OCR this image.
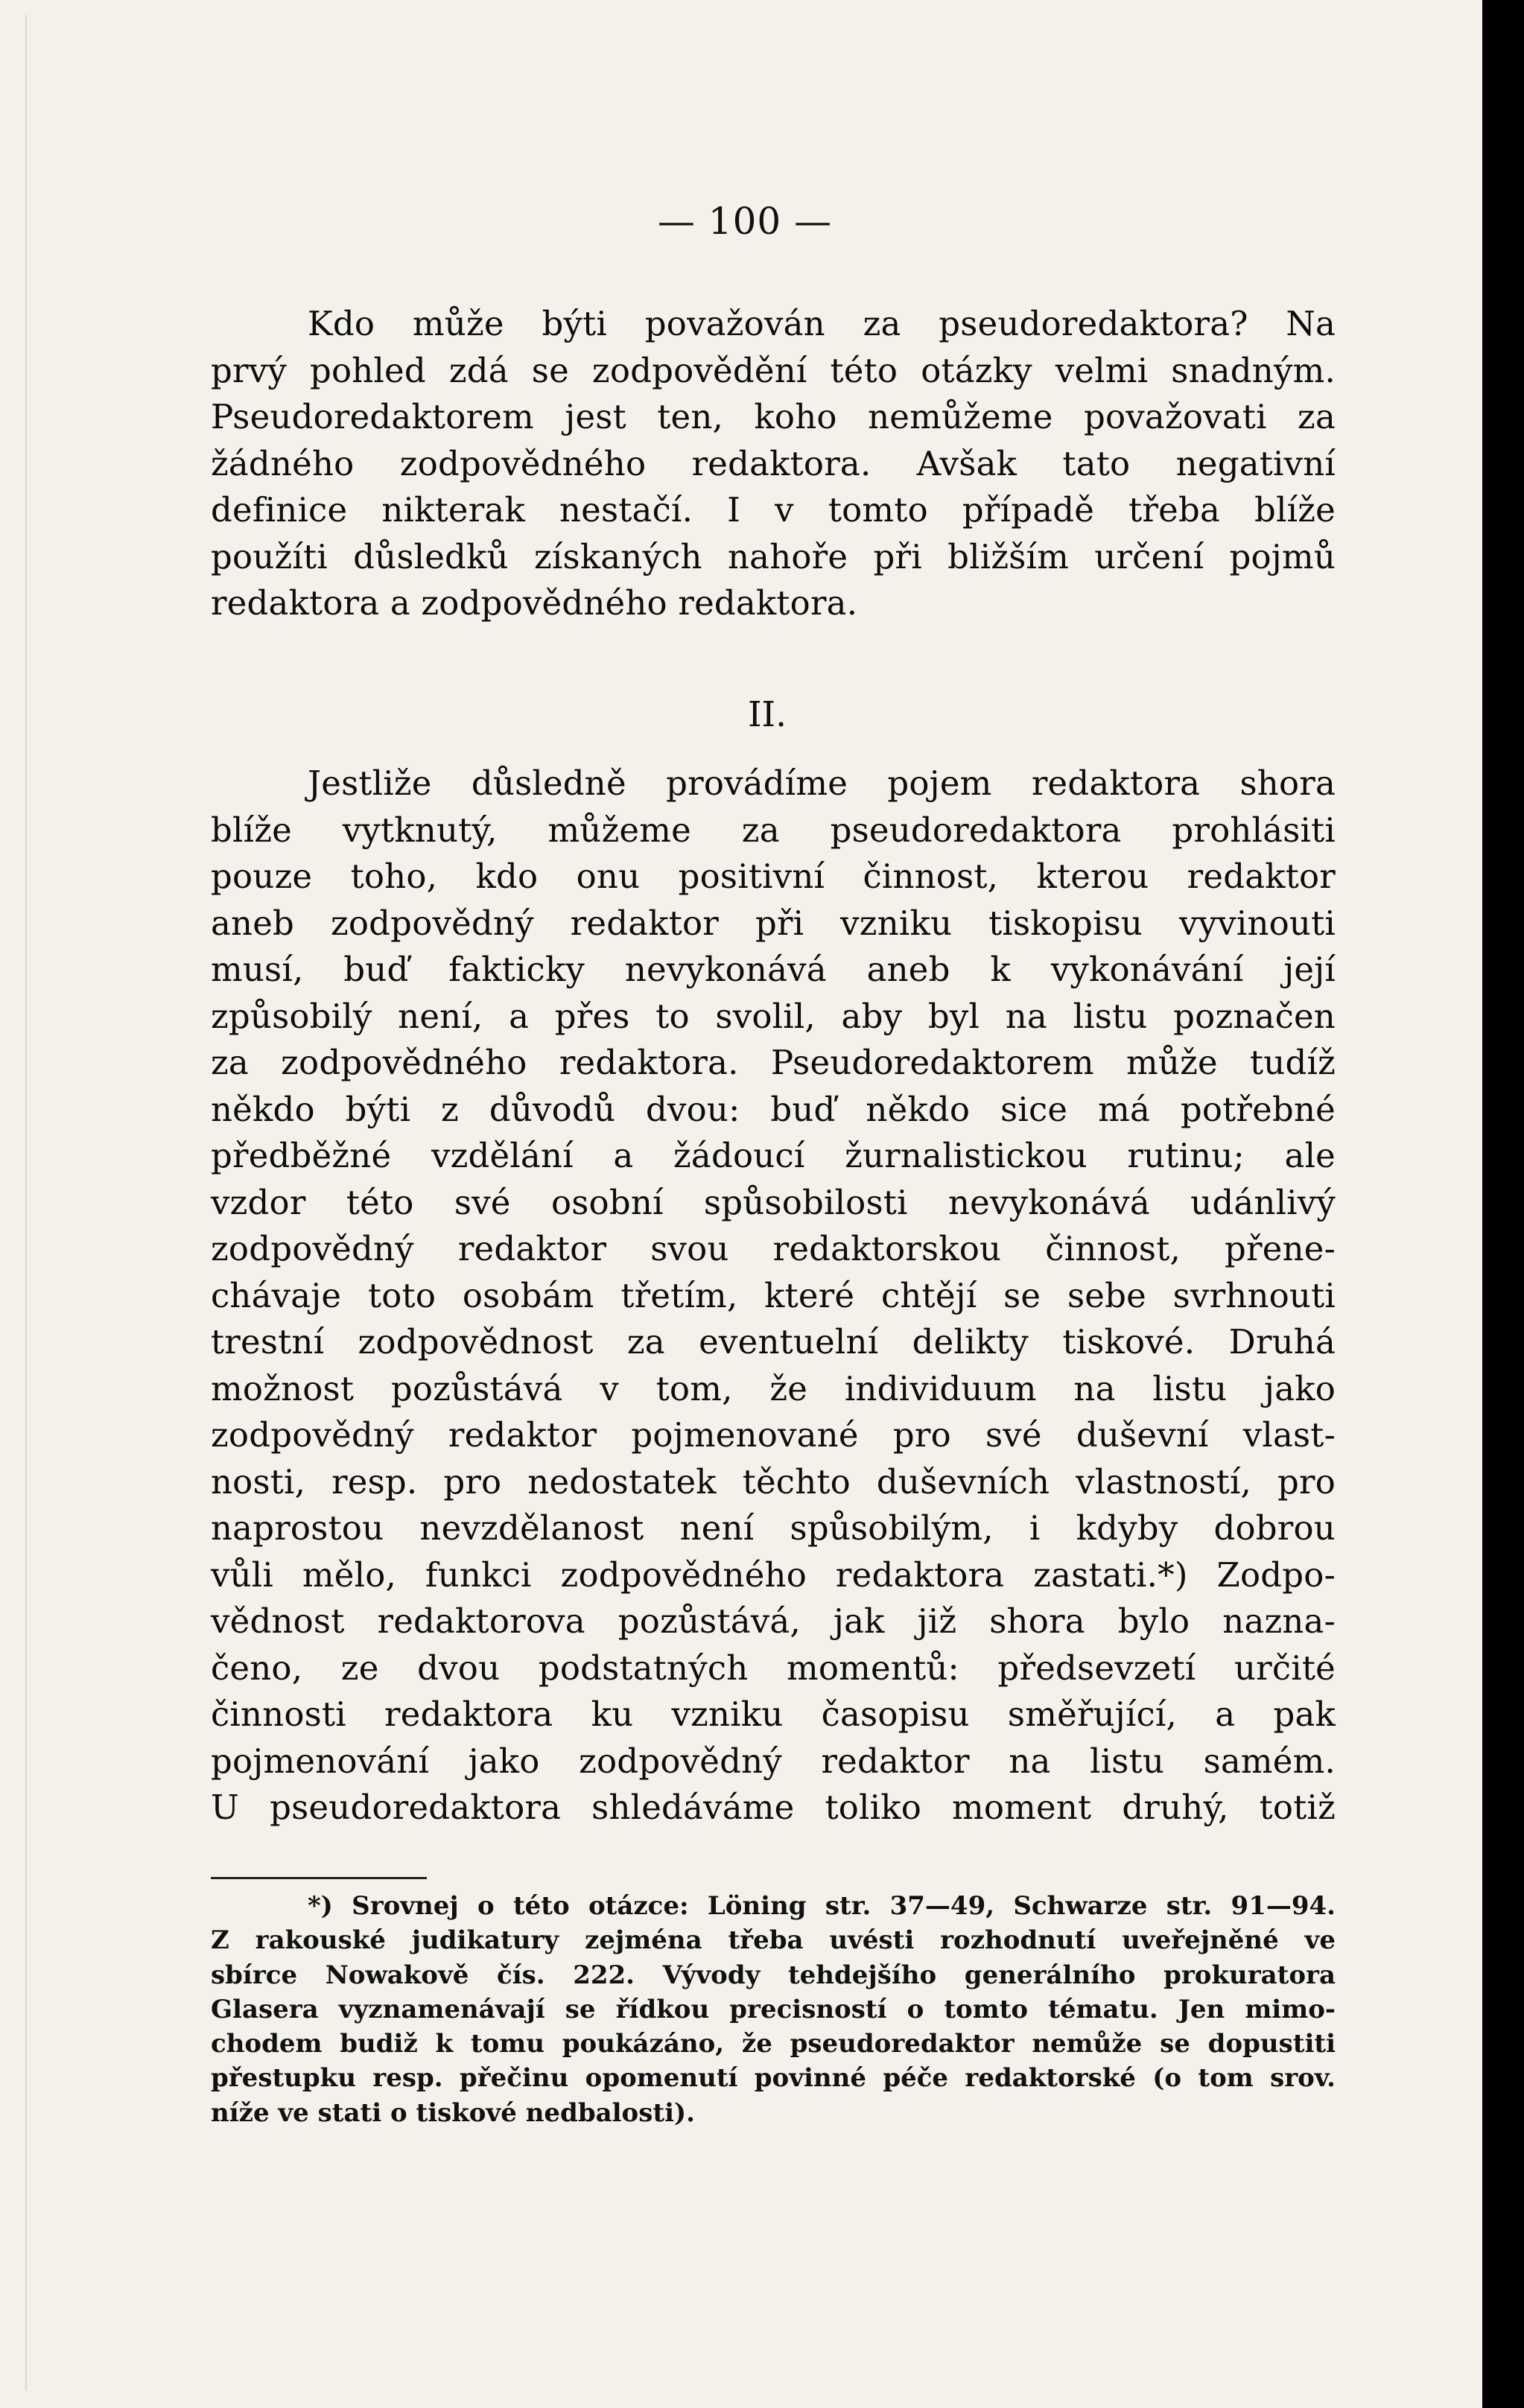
— 100 —
Kdo může býti považován za pseudoredaktora? Na
prvý pohled zdá se zodpovědění této otázky velmi snadným.
Pseudoredaktorem jest ten, koho nemůžeme považovati za
žádného zodpovědného redaktora. Avšak tato negativní
definice nikterak nestačí. I v tomto případě třeba blíže
použíti důsledků získaných nahoře při bližším určení pojmů
redaktora a zodpovědného redaktora.
II.
Jestliže důsledně provádíme pojem redaktora shora
blíže vytknutý, můžeme za pseudoredaktora prohlásiti
pouze toho, kdo onu positivní činnost, kterou redaktor
aneb zodpovědný redaktor při vzniku tiskopisu vyvinouti
musí, buď fakticky nevykonává aneb k vykonávání její
způsobilý není, a přes to svolil, aby byl na listu poznačen
za zodpovědného redaktora. Pseudoredaktorem může tudíž
někdo býti z důvodů dvou: buď někdo sice má potřebné
předběžné vzdělání a žádoucí žurnalistickou rutinu; ale
vzdor této své osobní spůsobilosti nevykonává udánlivý
zodpovědný redaktor svou redaktorskou činnost, přene-
chávaje toto osobám třetím, které chtějí se sebe svrhnouti
trestní zodpovědnost za eventuelní delikty tiskové. Druhá
možnost pozůstává v tom, že individuum na listu jako
zodpovědný redaktor pojmenované pro své duševní vlast-
nosti, resp. pro nedostatek těchto duševních vlastností, pro
naprostou nevzdělanost není spůsobilým, i kdyby dobrou
vůli mělo, funkci zodpovědného redaktora zastati.*) Zodpo-
vědnost redaktorova pozůstává, jak již shora bylo nazna-
čeno, ze dvou podstatných momentů: předsevzetí určité
činnosti redaktora ku vzniku časopisu směřující, a pak
pojmenování jako zodpovědný redaktor na listu samém.
U pseudoredaktora shledáváme toliko moment druhý, totiž
*) Srovnej o této otázce: Löning str. 37—49, Schwarze str. 91—94.
Z rakouské judikatury zejména třeba uvésti rozhodnutí uveřejněné ve
sbírce Nowakově čís. 222. Vývody tehdejšího generálního prokuratora
Glasera vyznamenávají se řídkou precisností o tomto tématu. Jen mimo-
chodem budiž k tomu poukázáno, že pseudoredaktor nemůže se dopustiti
přestupku resp. přečinu opomenutí povinné péče redaktorské (o tom srov.
níže ve stati o tiskové nedbalosti).
